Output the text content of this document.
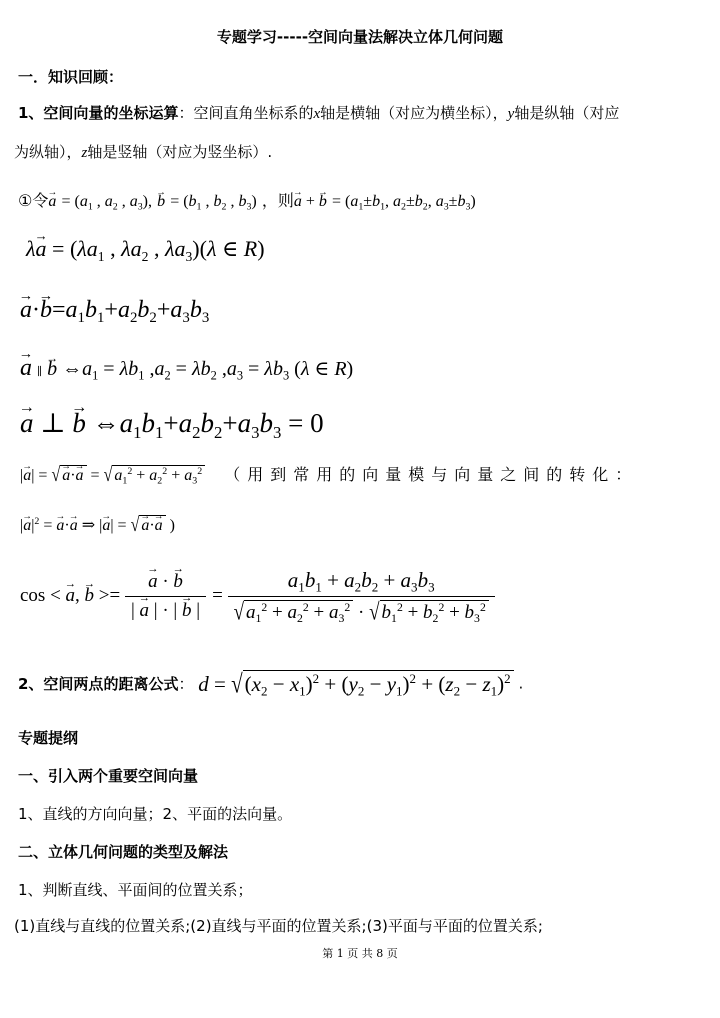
专题学习-----空间向量法解决立体几何问题
一．知识回顾：
1、空间向量的坐标运算：空间直角坐标系的x轴是横轴（对应为横坐标），y轴是纵轴（对应
为纵轴），z轴是竖轴（对应为竖坐标）.
①令→ $a = (a_1$ , $a_2$ , $a_3$), → $b = (b_1$ , $b_2$ , $b_3$) ，则→ a + → $b = (a_1\pm b_1$, $a_2\pm b_2$, $a_3\pm b_3$)
$\lambda\to a = (\lambda a_1$ , $\lambda a_2$ , $\lambda a_3)(\lambda$ ∈ R)
→ $a\cdot\to b=a_1b_1+a_2b_2+a_3b_3$
→ a ∥ → b $\Leftrightarrow a_1 = \lambda b_1$ $,a_2 = \lambda b_2$ $,a_3 = \lambda b_3$ (λ ∈ R)
→ a ⊥ → b $\Leftrightarrow a_1b_1+a_2b_2+a_3b_3 = 0$
|→ a| = √ → a·→ a = √ $a_1^2 + a_2^2 + a_3^2$ （用到常用的向量模与向量之间的转化：
|→ $a|^2$ = → a·→ a ⇒ |→ a| = √ → a·→ a )
cos < → a, → b >= → $\frac{a \cdot \to b}{| \to a | \cdot | \to b |} = \frac{a_1b_1 + a_2b_2 + a_3b_3}{√ a_1^2 + a_2^2 + a_3^2 \cdot √ b_1^2 + b_2^2 + b_3^2}$
2、空间两点的距离公式： $d = √(x_2 - x_1)^2 + (y_2 - y_1)^2 + (z_2 - z_1)^2$ .
专题提纲
一、引入两个重要空间向量
1、直线的方向向量；2、平面的法向量。
二、立体几何问题的类型及解法
1、判断直线、平面间的位置关系；
(1)直线与直线的位置关系;(2)直线与平面的位置关系;(3)平面与平面的位置关系;
第 1 页 共 8 页
